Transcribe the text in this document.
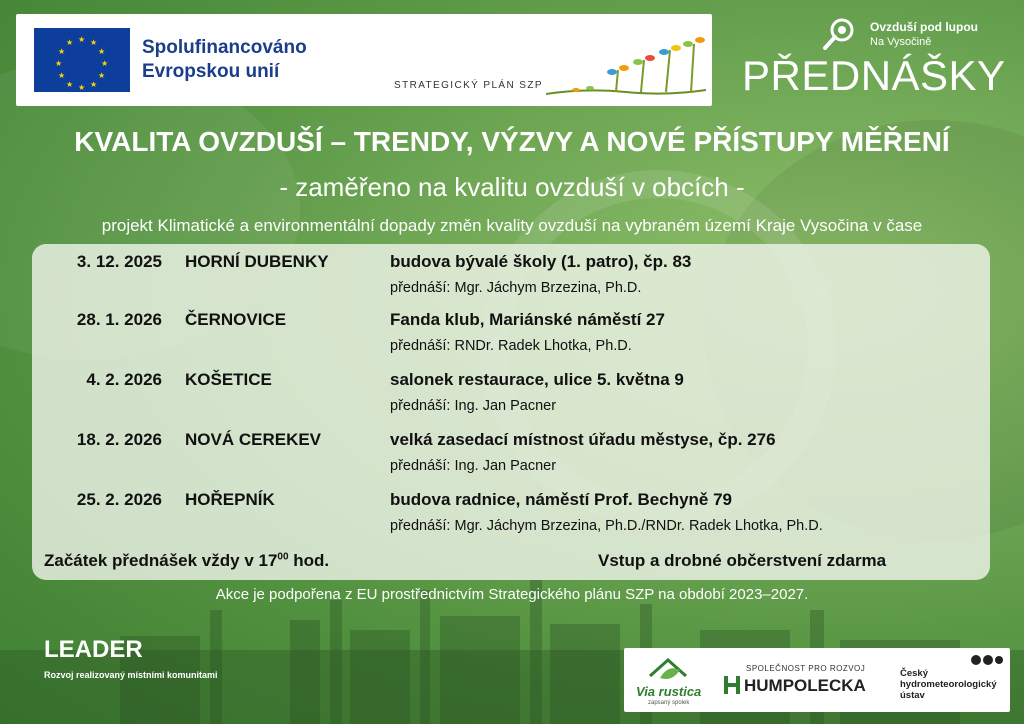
★ ★
★
★
★
★
★
★
★
★
★
★	Spolufinancováno
Evropskou unií
STRATEGICKÝ PLÁN SZP
Ovzduší pod lupou
Na Vysočině
PŘEDNÁŠKY
KVALITA OVZDUŠÍ – TRENDY, VÝZVY A NOVÉ PŘÍSTUPY MĚŘENÍ
- zaměřeno na kvalitu ovzduší v obcích -
projekt Klimatické a environmentální dopady změn kvality ovzduší na vybraném území Kraje Vysočina v čase
3. 12. 2025 HORNÍ DUBENKY	budova bývalé školy (1. patro), čp. 83
přednáší: Mgr. Jáchym Brzezina, Ph.D.
28. 1. 2026 ČERNOVICE	Fanda klub, Mariánské náměstí 27
přednáší: RNDr. Radek Lhotka, Ph.D.
4. 2. 2026 KOŠETICE	salonek restaurace, ulice 5. května 9
přednáší: Ing. Jan Pacner
18. 2. 2026 NOVÁ CEREKEV	velká zasedací místnost úřadu městyse, čp. 276
přednáší: Ing. Jan Pacner
25. 2. 2026 HOŘEPNÍK	budova radnice, náměstí Prof. Bechyně 79
přednáší: Mgr. Jáchym Brzezina, Ph.D./RNDr. Radek Lhotka, Ph.D.
Začátek přednášek vždy v $17^{00}$ hod.	Vstup a drobné občerstvení zdarma
Akce je podpořena z EU prostřednictvím Strategického plánu SZP na období 2023–2027.
LEADER
Rozvoj realizovaný místními komunitami
Via rustica
zapsaný spolek
SPOLEČNOST PRO ROZVOJ
HUMPOLECKA
Český hydrometeorologický ústav
